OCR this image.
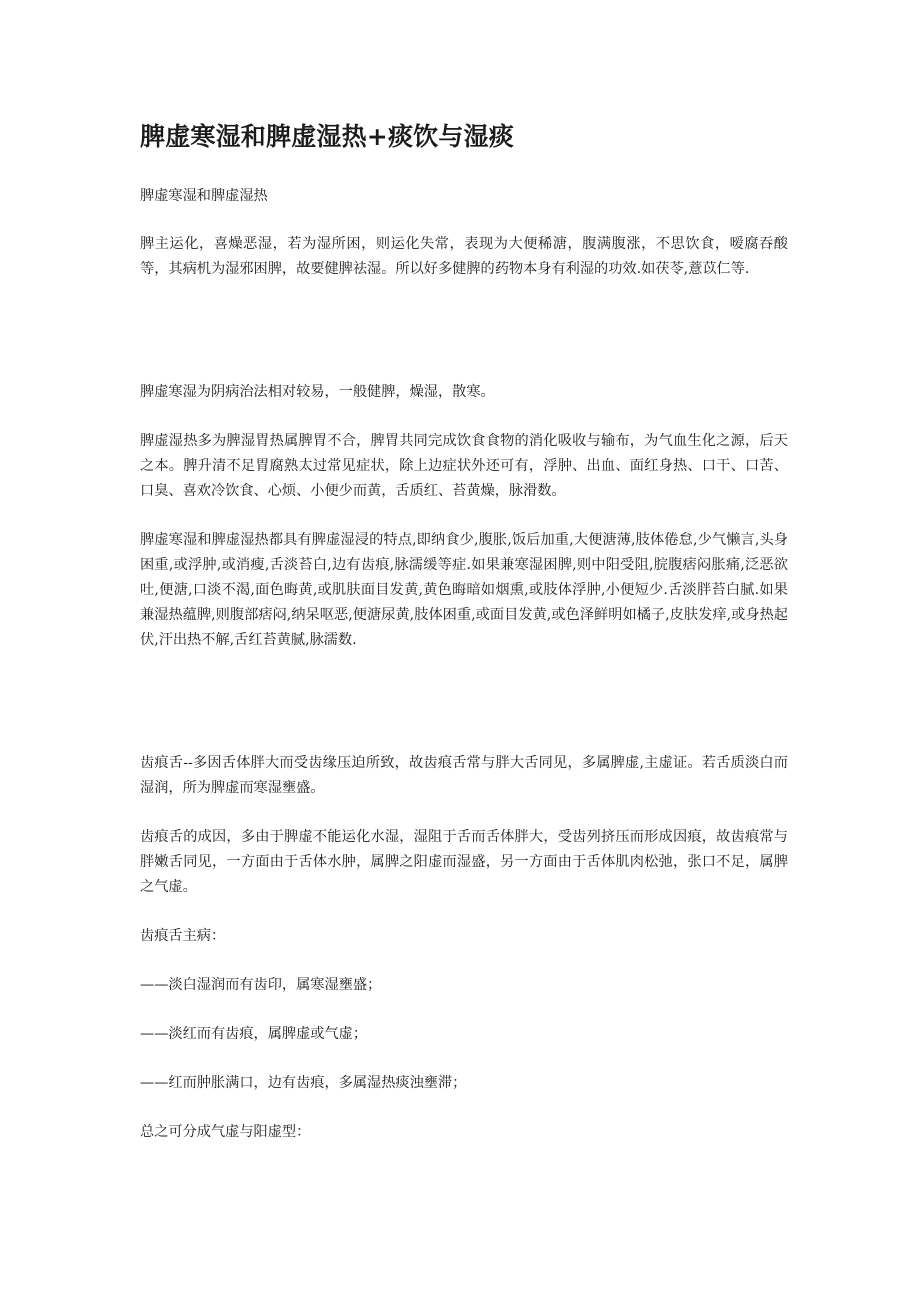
脾虚寒湿和脾虚湿热+痰饮与湿痰

脾虚寒湿和脾虚湿热

脾主运化，喜燥恶湿，若为湿所困，则运化失常，表现为大便稀溏，腹满腹涨，不思饮食，嗳腐吞酸等，其病机为湿邪困脾，故要健脾祛湿。所以好多健脾的药物本身有利湿的功效.如茯苓,薏苡仁等.

脾虚寒湿为阴病治法相对较易，一般健脾，燥湿，散寒。

脾虚湿热多为脾湿胃热属脾胃不合，脾胃共同完成饮食食物的消化吸收与输布，为气血生化之源，后天之本。脾升清不足胃腐熟太过常见症状，除上边症状外还可有，浮肿、出血、面红身热、口干、口苦、口臭、喜欢冷饮食、心烦、小便少而黄，舌质红、苔黄燥，脉滑数。

脾虚寒湿和脾虚湿热都具有脾虚湿浸的特点,即纳食少,腹胀,饭后加重,大便溏薄,肢体倦怠,少气懒言,头身困重,或浮肿,或消瘦,舌淡苔白,边有齿痕,脉濡缓等症.如果兼寒湿困脾,则中阳受阻,脘腹痞闷胀痛,泛恶欲吐,便溏,口淡不渴,面色晦黄,或肌肤面目发黄,黄色晦暗如烟熏,或肢体浮肿,小便短少.舌淡胖苔白腻.如果兼湿热蕴脾,则腹部痞闷,纳呆呕恶,便溏尿黄,肢体困重,或面目发黄,或色泽鲜明如橘子,皮肤发痒,或身热起伏,汗出热不解,舌红苔黄腻,脉濡数.

齿痕舌--多因舌体胖大而受齿缘压迫所致，故齿痕舌常与胖大舌同见，多属脾虚,主虚证。若舌质淡白而湿润，所为脾虚而寒湿壅盛。

齿痕舌的成因，多由于脾虚不能运化水湿，湿阻于舌而舌体胖大，受齿列挤压而形成因痕，故齿痕常与胖嫩舌同见，一方面由于舌体水肿，属脾之阳虚而湿盛，另一方面由于舌体肌肉松弛，张口不足，属脾之气虚。

齿痕舌主病：

——淡白湿润而有齿印，属寒湿壅盛；

——淡红而有齿痕，属脾虚或气虚；

——红而肿胀满口，边有齿痕，多属湿热痰浊壅滞；

总之可分成气虚与阳虚型：
